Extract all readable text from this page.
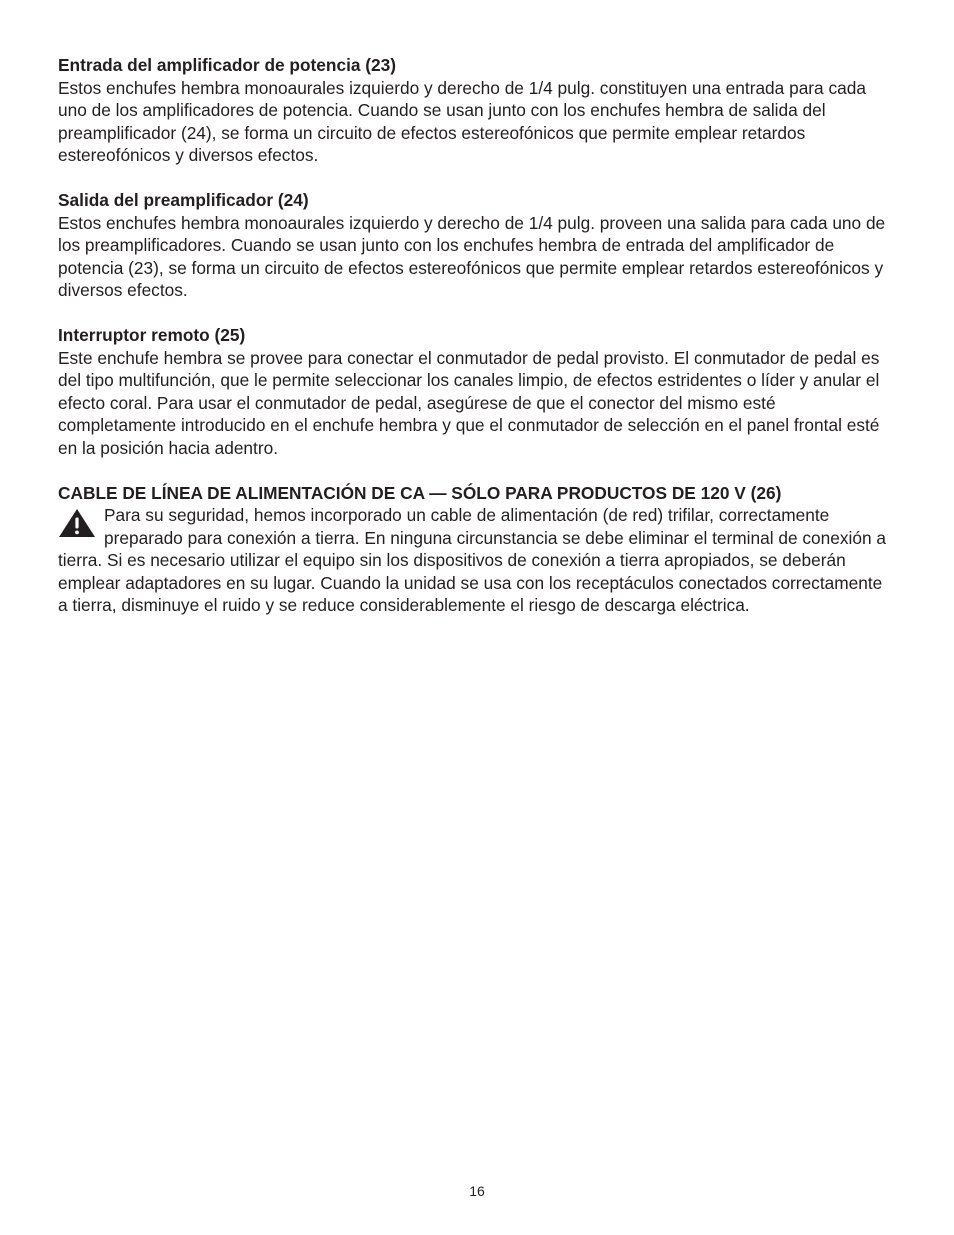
Entrada del amplificador de potencia (23)

Estos enchufes hembra monoaurales izquierdo y derecho de 1/4 pulg. constituyen una entrada para cada uno de los amplificadores de potencia. Cuando se usan junto con los enchufes hembra de salida del preamplificador (24), se forma un circuito de efectos estereofónicos que permite emplear retardos estereofónicos y diversos efectos.

Salida del preamplificador (24)

Estos enchufes hembra monoaurales izquierdo y derecho de 1/4 pulg. proveen una salida para cada uno de los preamplificadores. Cuando se usan junto con los enchufes hembra de entrada del amplificador de potencia (23), se forma un circuito de efectos estereofónicos que permite emplear retardos estereofónicos y diversos efectos.

Interruptor remoto (25)

Este enchufe hembra se provee para conectar el conmutador de pedal provisto. El conmutador de pedal es del tipo multifunción, que le permite seleccionar los canales limpio, de efectos estridentes o líder y anular el efecto coral. Para usar el conmutador de pedal, asegúrese de que el conector del mismo esté completamente introducido en el enchufe hembra y que el conmutador de selección en el panel frontal esté en la posición hacia adentro.

CABLE DE LÍNEA DE ALIMENTACIÓN DE CA — SÓLO PARA PRODUCTOS DE 120 V (26)

Para su seguridad, hemos incorporado un cable de alimentación (de red) trifilar, correctamente preparado para conexión a tierra. En ninguna circunstancia se debe eliminar el terminal de conexión a tierra. Si es necesario utilizar el equipo sin los dispositivos de conexión a tierra apropiados, se deberán emplear adaptadores en su lugar. Cuando la unidad se usa con los receptáculos conectados correctamente a tierra, disminuye el ruido y se reduce considerablemente el riesgo de descarga eléctrica.

16
